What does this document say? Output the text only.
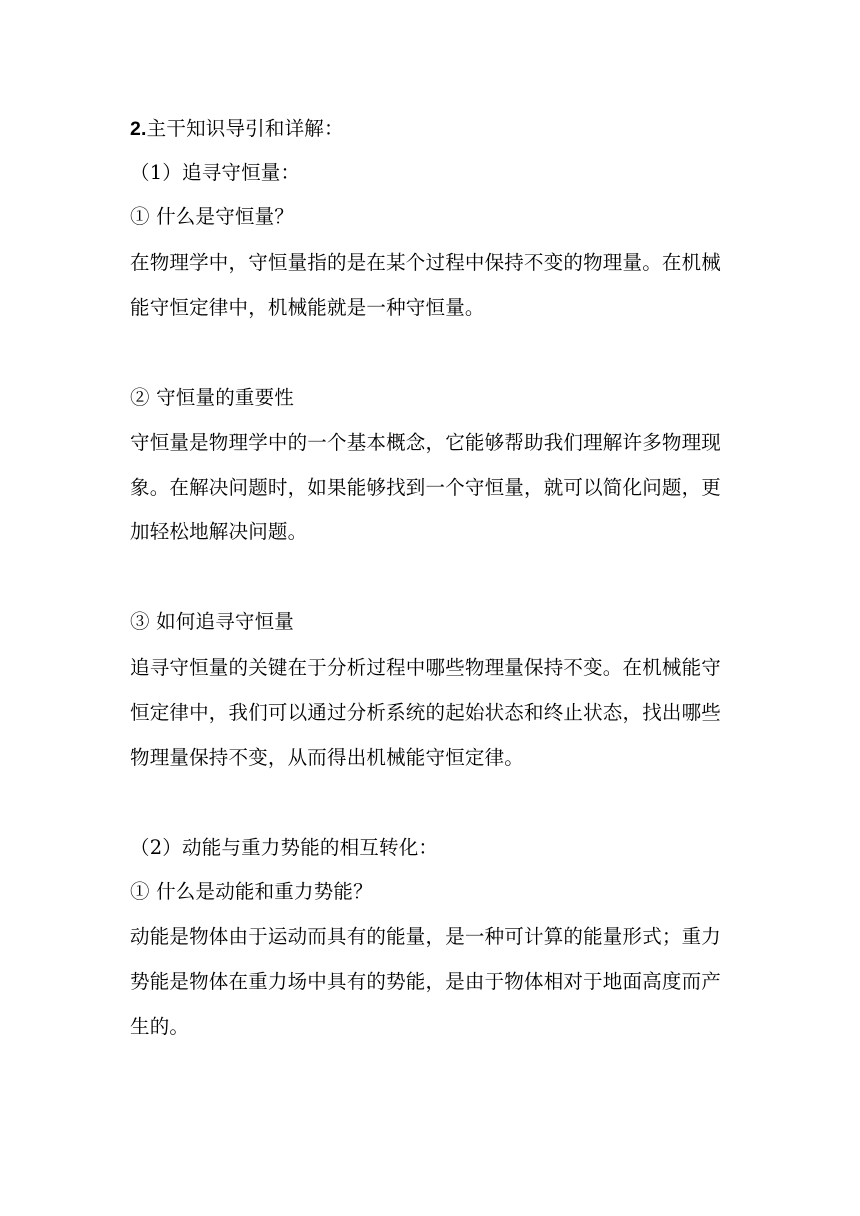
2.主干知识导引和详解：
（1）追寻守恒量：
① 什么是守恒量？
在物理学中，守恒量指的是在某个过程中保持不变的物理量。在机械
能守恒定律中，机械能就是一种守恒量。
② 守恒量的重要性
守恒量是物理学中的一个基本概念，它能够帮助我们理解许多物理现
象。在解决问题时，如果能够找到一个守恒量，就可以简化问题，更
加轻松地解决问题。
③ 如何追寻守恒量
追寻守恒量的关键在于分析过程中哪些物理量保持不变。在机械能守
恒定律中，我们可以通过分析系统的起始状态和终止状态，找出哪些
物理量保持不变，从而得出机械能守恒定律。
（2）动能与重力势能的相互转化：
① 什么是动能和重力势能？
动能是物体由于运动而具有的能量，是一种可计算的能量形式；重力
势能是物体在重力场中具有的势能，是由于物体相对于地面高度而产
生的。
